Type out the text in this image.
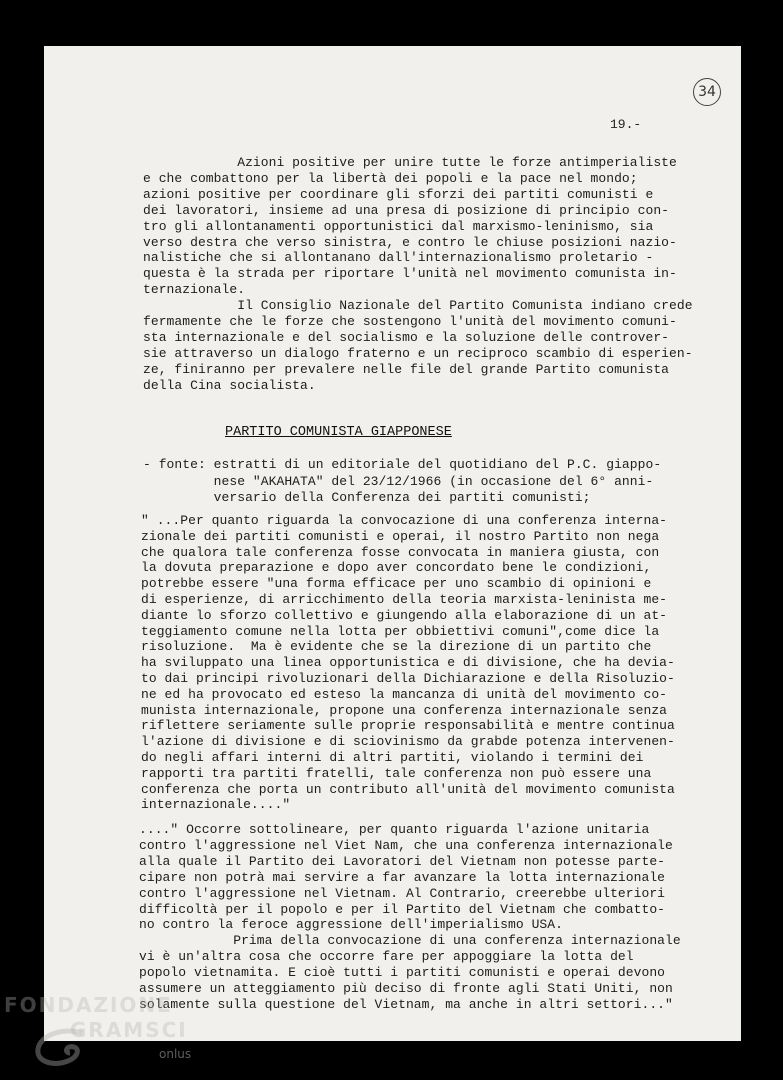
34
19.-
Azioni positive per unire tutte le forze antimperialiste
e che combattono per la libertà dei popoli e la pace nel mondo;
azioni positive per coordinare gli sforzi dei partiti comunisti e
dei lavoratori, insieme ad una presa di posizione di principio con-
tro gli allontanamenti opportunistici dal marxismo-leninismo, sia
verso destra che verso sinistra, e contro le chiuse posizioni nazio-
nalistiche che si allontanano dall'internazionalismo proletario -
questa è la strada per riportare l'unità nel movimento comunista in-
ternazionale.
Il Consiglio Nazionale del Partito Comunista indiano crede
fermamente che le forze che sostengono l'unità del movimento comuni-
sta internazionale e del socialismo e la soluzione delle controver-
sie attraverso un dialogo fraterno e un reciproco scambio di esperien-
ze, finiranno per prevalere nelle file del grande Partito comunista
della Cina socialista.
PARTITO COMUNISTA GIAPPONESE
- fonte: estratti di un editoriale del quotidiano del P.C. giappo-
nese "AKAHATA" del 23/12/1966 (in occasione del 6° anni-
versario della Conferenza dei partiti comunisti;
" ...Per quanto riguarda la convocazione di una conferenza interna-
zionale dei partiti comunisti e operai, il nostro Partito non nega
che qualora tale conferenza fosse convocata in maniera giusta, con
la dovuta preparazione e dopo aver concordato bene le condizioni,
potrebbe essere "una forma efficace per uno scambio di opinioni e
di esperienze, di arricchimento della teoria marxista-leninista me-
diante lo sforzo collettivo e giungendo alla elaborazione di un at-
teggiamento comune nella lotta per obbiettivi comuni",come dice la
risoluzione.  Ma è evidente che se la direzione di un partito che
ha sviluppato una linea opportunistica e di divisione, che ha devia-
to dai principi rivoluzionari della Dichiarazione e della Risoluzio-
ne ed ha provocato ed esteso la mancanza di unità del movimento co-
munista internazionale, propone una conferenza internazionale senza
riflettere seriamente sulle proprie responsabilità e mentre continua
l'azione di divisione e di sciovinismo da grabde potenza intervenen-
do negli affari interni di altri partiti, violando i termini dei
rapporti tra partiti fratelli, tale conferenza non può essere una
conferenza che porta un contributo all'unità del movimento comunista
internazionale...."
...." Occorre sottolineare, per quanto riguarda l'azione unitaria
contro l'aggressione nel Viet Nam, che una conferenza internazionale
alla quale il Partito dei Lavoratori del Vietnam non potesse parte-
cipare non potrà mai servire a far avanzare la lotta internazionale
contro l'aggressione nel Vietnam. Al Contrario, creerebbe ulteriori
difficoltà per il popolo e per il Partito del Vietnam che combatto-
no contro la feroce aggressione dell'imperialismo USA.
Prima della convocazione di una conferenza internazionale
vi è un'altra cosa che occorre fare per appoggiare la lotta del
popolo vietnamita. E cioè tutti i partiti comunisti e operai devono
assumere un atteggiamento più deciso di fronte agli Stati Uniti, non
solamente sulla questione del Vietnam, ma anche in altri settori..."
FONDAZIONE
GRAMSCI
onlus
